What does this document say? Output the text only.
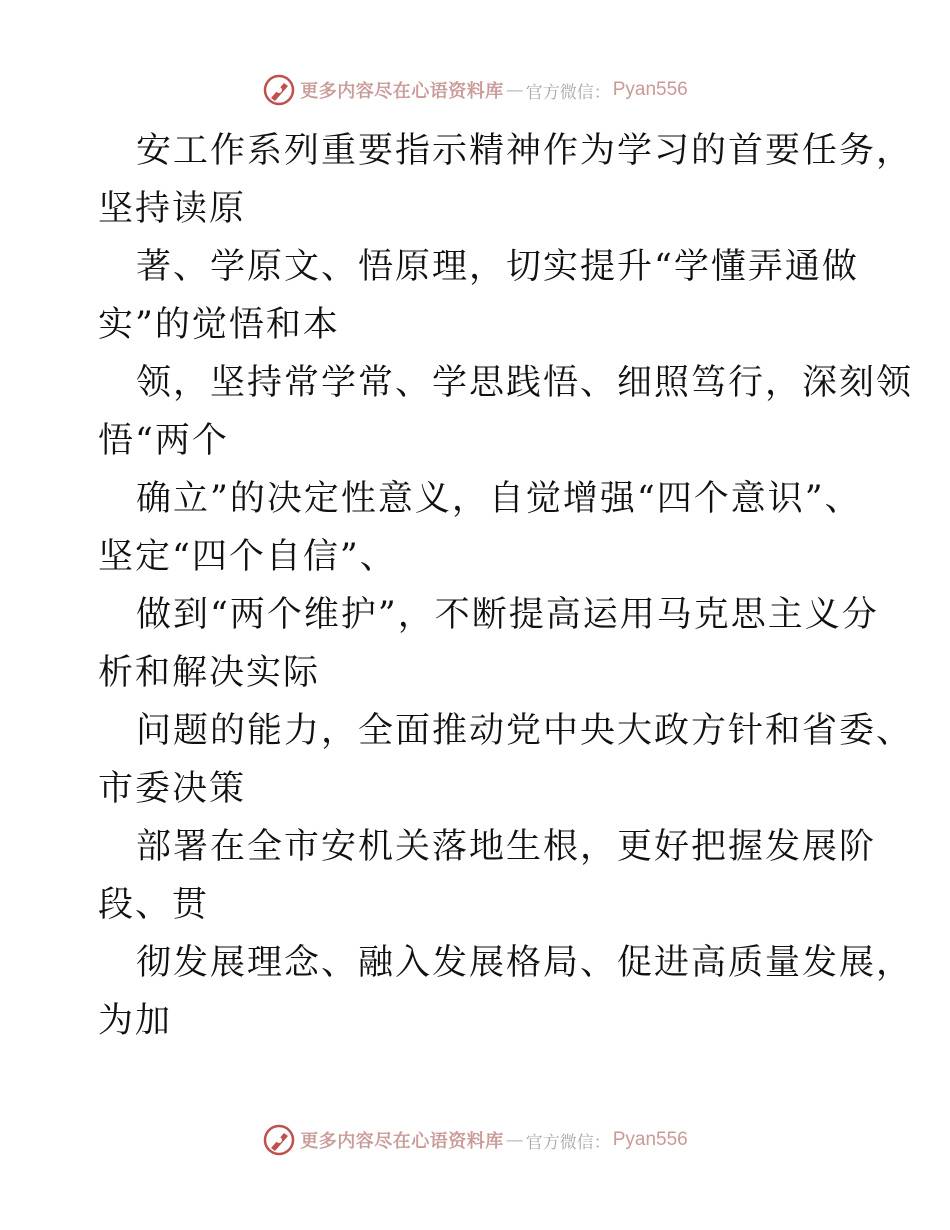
更多内容尽在心语资料库 — 官方微信： Pyan556

安工作系列重要指示精神作为学习的首要任务，
坚持读原

著、学原文、悟原理，切实提升“学懂弄通做
实”的觉悟和本

领，坚持常学常、学思践悟、细照笃行，深刻领
悟“两个

确立”的决定性意义，自觉增强“四个意识”、
坚定“四个自信”、

做到“两个维护”，不断提高运用马克思主义分
析和解决实际

问题的能力，全面推动党中央大政方针和省委、
市委决策

部署在全市安机关落地生根，更好把握发展阶
段、贯

彻发展理念、融入发展格局、促进高质量发展，
为加

更多内容尽在心语资料库 — 官方微信： Pyan556
